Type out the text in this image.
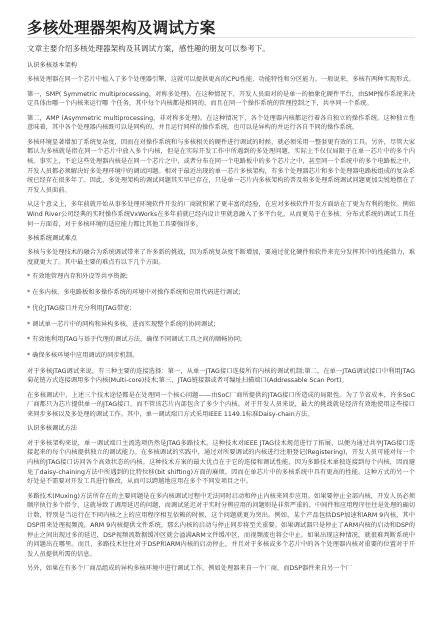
多核处理器架构及调试方案

文章主要介绍多核处理器架构及其调试方案，感性趣的朋友可以参考下。

认识多核基本架构

多核处理器在同一个芯片中植入了多个处理器引擎，这就可以提供更高的CPU性能、功能特性和分区能力。一般说来，多核有两种实现形式。

第一，SMP( Symmetric multiprocessing，对称多处理)。在这种情况下，开发人员面对的是单一的抽象化硬件平台，由SMP操作系统来决定具体由哪一个内核来运行哪 个任务，其中每个内核都是相同的，而且在同一个操作系统的管理控制之下，共享同一个系统。

第二，AMP (Asymmetric multiprocessing，非对称多处理)。在这种情况下，各个处理器内核都运行着各自独立的操作系统。这种独立性意味着，其中各个处理器内核既可以是同构的，并且运行同样的操作系统，也可以是异构的并运行各自不同的操作系统。

多核环境显著增加了系统复杂度，因而在对操作系统和与多核相关的硬件进行调试的时候，就必须采用一整套更有效的工具。另外，尽管大家都认为多核就是指在同一个芯片中放入多个内核，但是在实际开发工作中所遇到的多处理问题，实际上不仅仅局限于在单一芯片中的多个内核。事实上，不论这些处理器内核是在同一个芯片之中，或者分布在同一个电路板中的多个芯片之中，甚至同一个系统中的多个电路板之中，开发人员都必须解决好多处理环境中的调试问题。相对于最近出现的单一芯片多核架构，有多个处理器芯片和多个处理器电路板组成的复杂系统已经存在很多年了。因此，多处理架构的调试问题其实早已存在，只是单一芯片内多核架构的普及将多处理系统调试问题更加尖锐地摆在了开发人员面前。

从这个意义上，多年前就开始从事多处理环境软件开发的厂商就积累了更丰富的经验，在应对多核软件开发方面站在了更为有利的地位。例如 Wind River公司经典的实时操作系统VxWorks在多年前就已经内设计里就意融入了多平台化，从而更易于在多核、分布式系统的调试工具任何一方面看，对于多核环境的适应能力都比其他工具要强得多。

多核系统调试难点

多核与多处理技术的融合为系统调试带来了许多新的挑战，因为系统复杂度不断增加，要通过优化硬件和软件来充分发挥其中的性能潜力，难度就更大了。其中最主要的难点有以下几个方面。

* 有效地管理内存和外设等共享资源;

* 在多内核、多电路板和多操作系统的环境中对操作系统和应用代码进行调试;

* 优化JTAG接口并充分利用JTAG带宽;

* 调试单一芯片中的同构和异构多核，进而实现整个系统的协同调试;

* 有效地利用JTAG与基于代理的调试方法，确保不同调试工具之间的顺畅协同;

* 确保多核环境中应用调试的同步机制。

对于多核JTAG调试来说，有三种主要的连接选择：第一，从单一JTAG接口连接所有内核的调试机制;第二，在单一JTAG调试接口中利用JTAG菊花链方式连接调用多个内核(Multi-core)技术;第三，JTAG链接器或者可编址扫描端口(Addressable Scan Port)。

在多核调试中，上述三个技术途径都是在处理同一个核心问题——由SoC厂商所提供的JTAG接口所造成的局限性。为了节省成本，许多SoC厂商都只为芯片提供单一的JTAG接口，而不管该芯片内部包含了多少个内核。对于开发人员来说，最大的挑战就是经济有效地使用这些接口来同步多核以及多处理的调试工作。其中，单一调试端口方式采用IEEE 1149.1标准Daisy-chain方法。

认识多核调试方法

对于多核架构来说，单一调试端口主流选项仍然是JTAG多路技术。这种技术对IEEE JTAG技术规范进行了拓展，以便为通过共享JTAG接口连接起来的每个内核提供独立的调试能力。在多核调试的实践中，通过对所要调试的内核进行注册登记(Registering)，开发人员可能对每一个内核的JTAG接口访问各个高效状态的内核。这种技术方案的最大优点在于它的连接和调试性能，因为多路技术单独连接到每个内核，因而避免了daisy-chaining方法中所遇到的比特位移(bit shifting)方面的麻烦，因而在单芯片中的多核系统中具有更高的性能。这种方式的另一个好处是不需要对开发工具进行修改，从而可以跨越地应用在多个不同发项目之中。

多路技术(Muxing)方法所存在的主要问题是在多内核调试过程中无法同时启动和停止内核来同步应用。如果要停止全部内核，开发人员必须顺序执行多个指令，这就导致了调用延迟的问题，而调试延迟对于实时分辨应用的问题则是非常严重的。中间件和应用程序往往是处理的确切计数，特别是当运行在不同内核之上的应用程序相互依赖的时候，这个问题就更为突出。例如，某个产品包括DSP加速和ARM 9内核，其中DSP用来处理视频流，ARM 9内核提供文件系统，那么内核的启动与停止同步将至关重要。如果调试器只是停止了ARM内核的启动和DSP的停止之间出现过多的延迟，DSP视频流数据缓冲区就会溢满ARM文件缓冲区，而视频流也将会中止。如果出现这种情况，就很难判断系统中的问题出在哪里。而且，多路技术往往对于DSP和ARM内核的启动停止，并且对于多核或多个芯片中的各个处理器内核对重要的位置对于开发人员提供所需的信息。

另外，如果在有多个厂商品组成的异构多核环境中进行调试工作，例如处理器来自一个厂商，而DSP器件来自另一个厂
